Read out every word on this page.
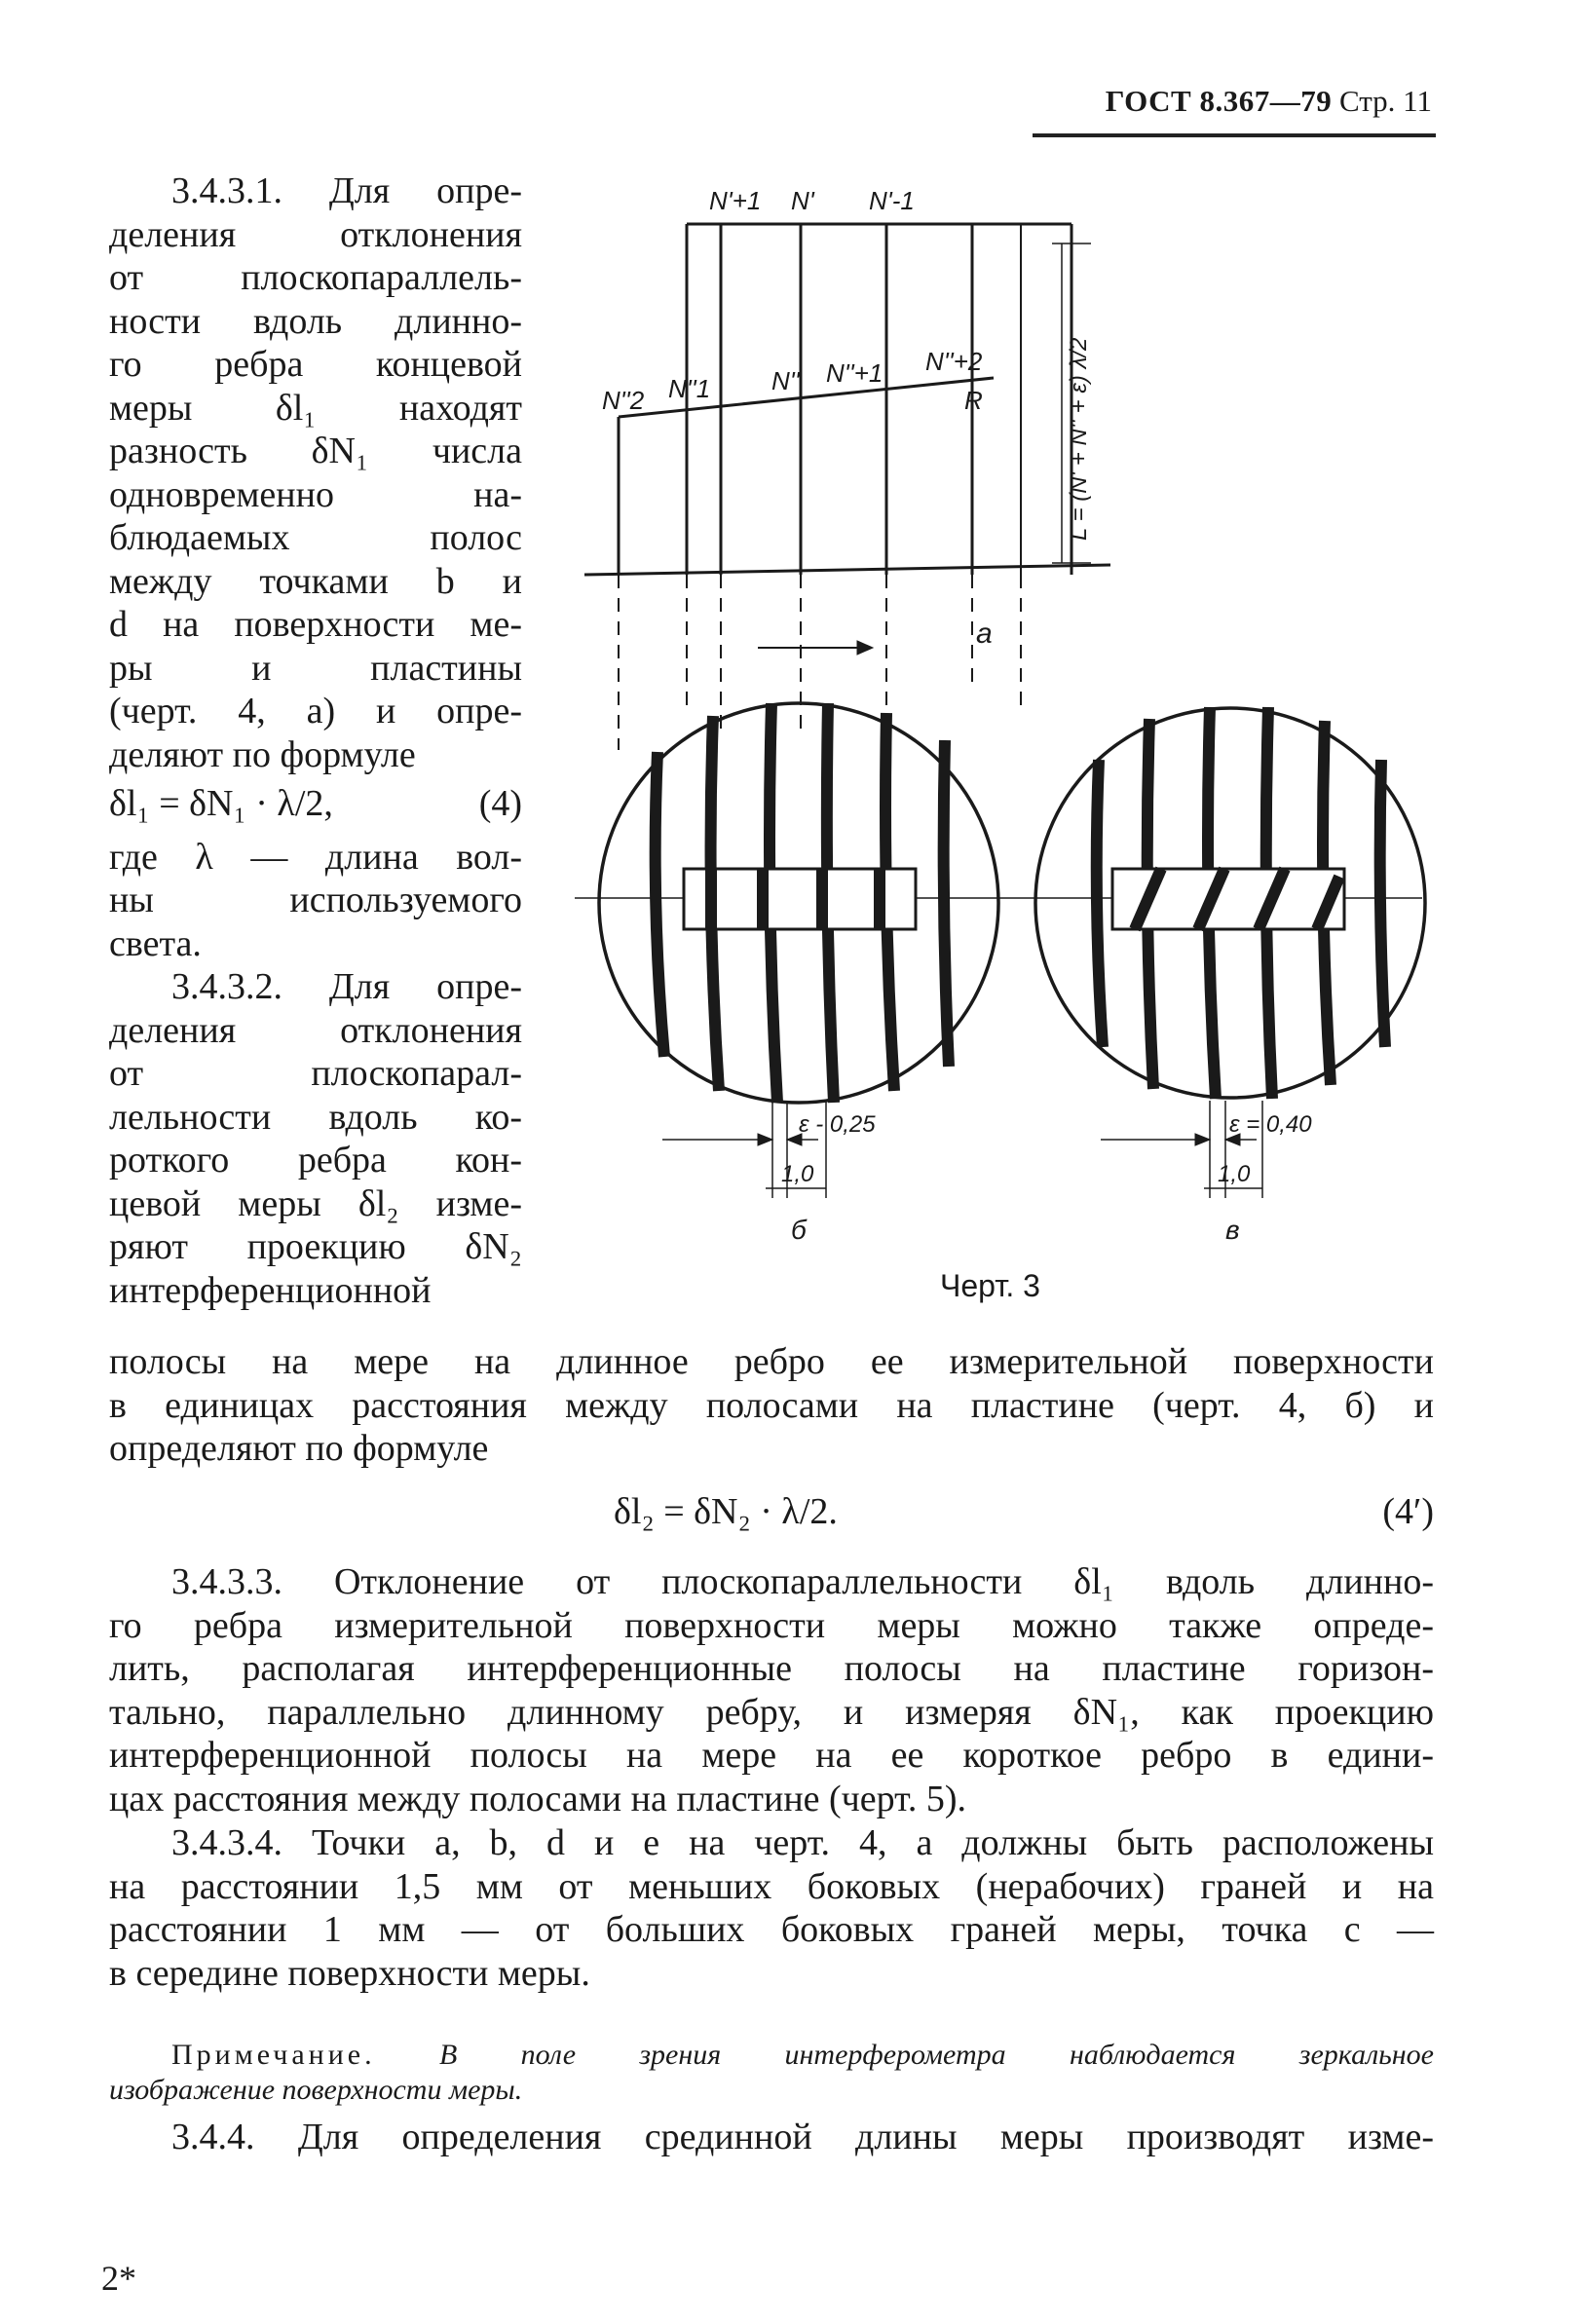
ГОСТ 8.367—79 Стр. 11

3.4.3.1. Для опре-

деления отклонения

от плоскопараллель-

ности вдоль длинно-

го ребра концевой

меры δl₁ находят

разность δN₁ числа

одновременно на-

блюдаемых полос

между точками b и

d на поверхности ме-

ры и пластины

(черт. 4, a) и опре-

деляют по формуле

δl₁ = δN₁ · λ/2,	(4)

где λ — длина вол-

ны используемого

света.

3.4.3.2. Для опре-

деления отклонения

от плоскопарал-

лельности вдоль ко-

роткого ребра кон-

цевой меры δl₂ изме-

ряют проекцию δN₂

интерференционной

N'+1 N' N'-1
N''2 N''1 N'' N''+1 N''+2
R
a
L = (N' + N'' + ε) λ/2
ε - 0,25	ε = 0,40
1,0	1,0
б	в
Черт. 3

полосы на мере на длинное ребро ее измерительной поверхности

в единицах расстояния между полосами на пластине (черт. 4, б) и

определяют по формуле

δl₂ = δN₂ · λ/2.	(4′)

3.4.3.3. Отклонение от плоскопараллельности δl₁ вдоль длинно-

го ребра измерительной поверхности меры можно также опреде-

лить, располагая интерференционные полосы на пластине горизон-

тально, параллельно длинному ребру, и измеряя δN₁, как проекцию

интерференционной полосы на мере на ее короткое ребро в едини-

цах расстояния между полосами на пластине (черт. 5).

3.4.3.4. Точки a, b, d и e на черт. 4, a должны быть расположены

на расстоянии 1,5 мм от меньших боковых (нерабочих) граней и на

расстоянии 1 мм — от больших боковых граней меры, точка c —

в середине поверхности меры.

Примечание. В поле зрения интерферометра наблюдается зеркальное

изображение поверхности меры.

3.4.4. Для определения срединной длины меры производят изме-

2*
